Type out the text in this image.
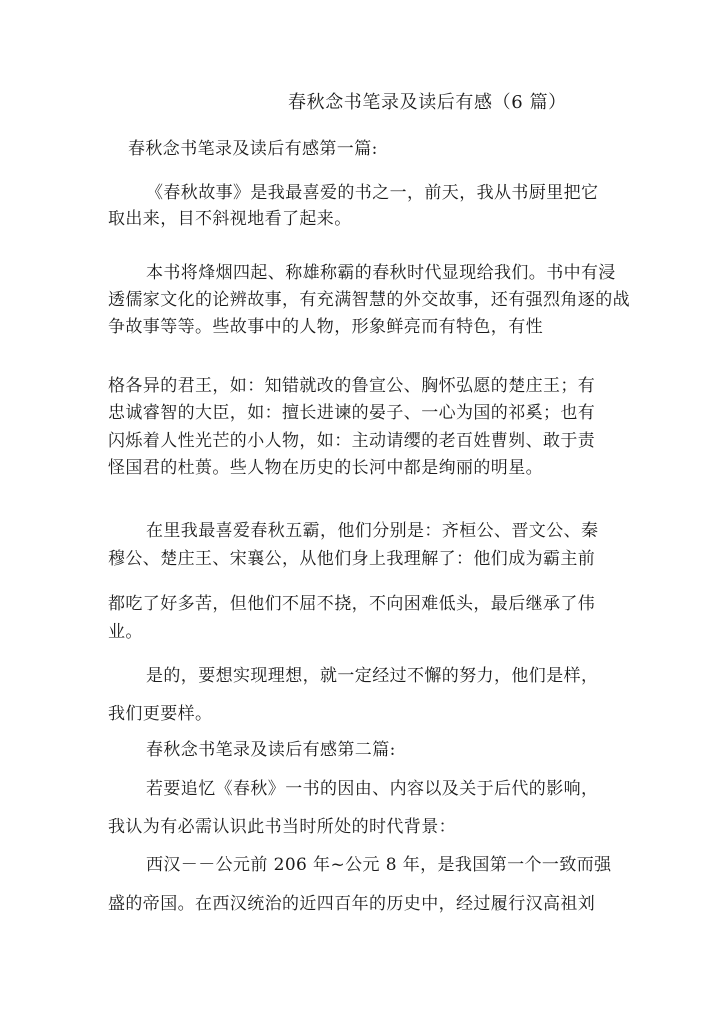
春秋念书笔录及读后有感（6 篇）
春秋念书笔录及读后有感第一篇:
《春秋故事》是我最喜爱的书之一，前天，我从书厨里把它
取出来，目不斜视地看了起来。
本书将烽烟四起、称雄称霸的春秋时代显现给我们。书中有浸
透儒家文化的论辨故事，有充满智慧的外交故事，还有强烈角逐的战
争故事等等。些故事中的人物，形象鲜亮而有特色，有性
格各异的君王，如：知错就改的鲁宣公、胸怀弘愿的楚庄王；有
忠诚睿智的大臣，如：擅长进谏的晏子、一心为国的祁奚；也有
闪烁着人性光芒的小人物，如：主动请缨的老百姓曹刿、敢于责
怪国君的杜蒉。些人物在历史的长河中都是绚丽的明星。
在里我最喜爱春秋五霸，他们分别是：齐桓公、晋文公、秦
穆公、楚庄王、宋襄公，从他们身上我理解了：他们成为霸主前
都吃了好多苦，但他们不屈不挠，不向困难低头，最后继承了伟
业。
是的，要想实现理想，就一定经过不懈的努力，他们是样，
我们更要样。
春秋念书笔录及读后有感第二篇:
若要追忆《春秋》一书的因由、内容以及关于后代的影响，
我认为有必需认识此书当时所处的时代背景：
西汉－－公元前 206 年~公元 8 年，是我国第一个一致而强
盛的帝国。在西汉统治的近四百年的历史中，经过履行汉高祖刘
